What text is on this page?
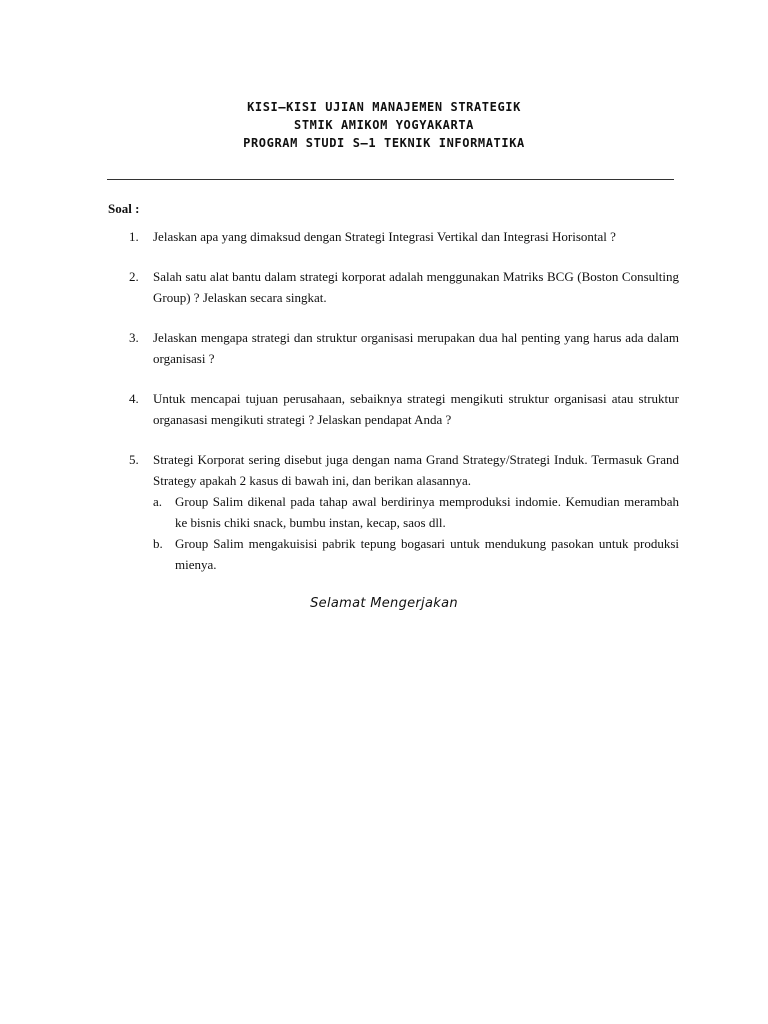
KISI–KISI UJIAN MANAJEMEN STRATEGIK
STMIK AMIKOM YOGYAKARTA
PROGRAM STUDI S–1 TEKNIK INFORMATIKA
Soal :
1. Jelaskan apa yang dimaksud dengan Strategi Integrasi Vertikal dan Integrasi Horisontal ?
2. Salah satu alat bantu dalam strategi korporat adalah menggunakan Matriks BCG (Boston Consulting Group) ? Jelaskan secara singkat.
3. Jelaskan mengapa strategi dan struktur organisasi merupakan dua hal penting yang harus ada dalam organisasi ?
4. Untuk mencapai tujuan perusahaan, sebaiknya strategi mengikuti struktur organisasi atau struktur organasasi mengikuti strategi ? Jelaskan pendapat Anda ?
5. Strategi Korporat sering disebut juga dengan nama Grand Strategy/Strategi Induk. Termasuk Grand Strategy apakah 2 kasus di bawah ini, dan berikan alasannya.
a. Group Salim dikenal pada tahap awal berdirinya memproduksi indomie. Kemudian merambah ke bisnis chiki snack, bumbu instan, kecap, saos dll.
b. Group Salim mengakuisisi pabrik tepung bogasari untuk mendukung pasokan untuk produksi mienya.
Selamat Mengerjakan
